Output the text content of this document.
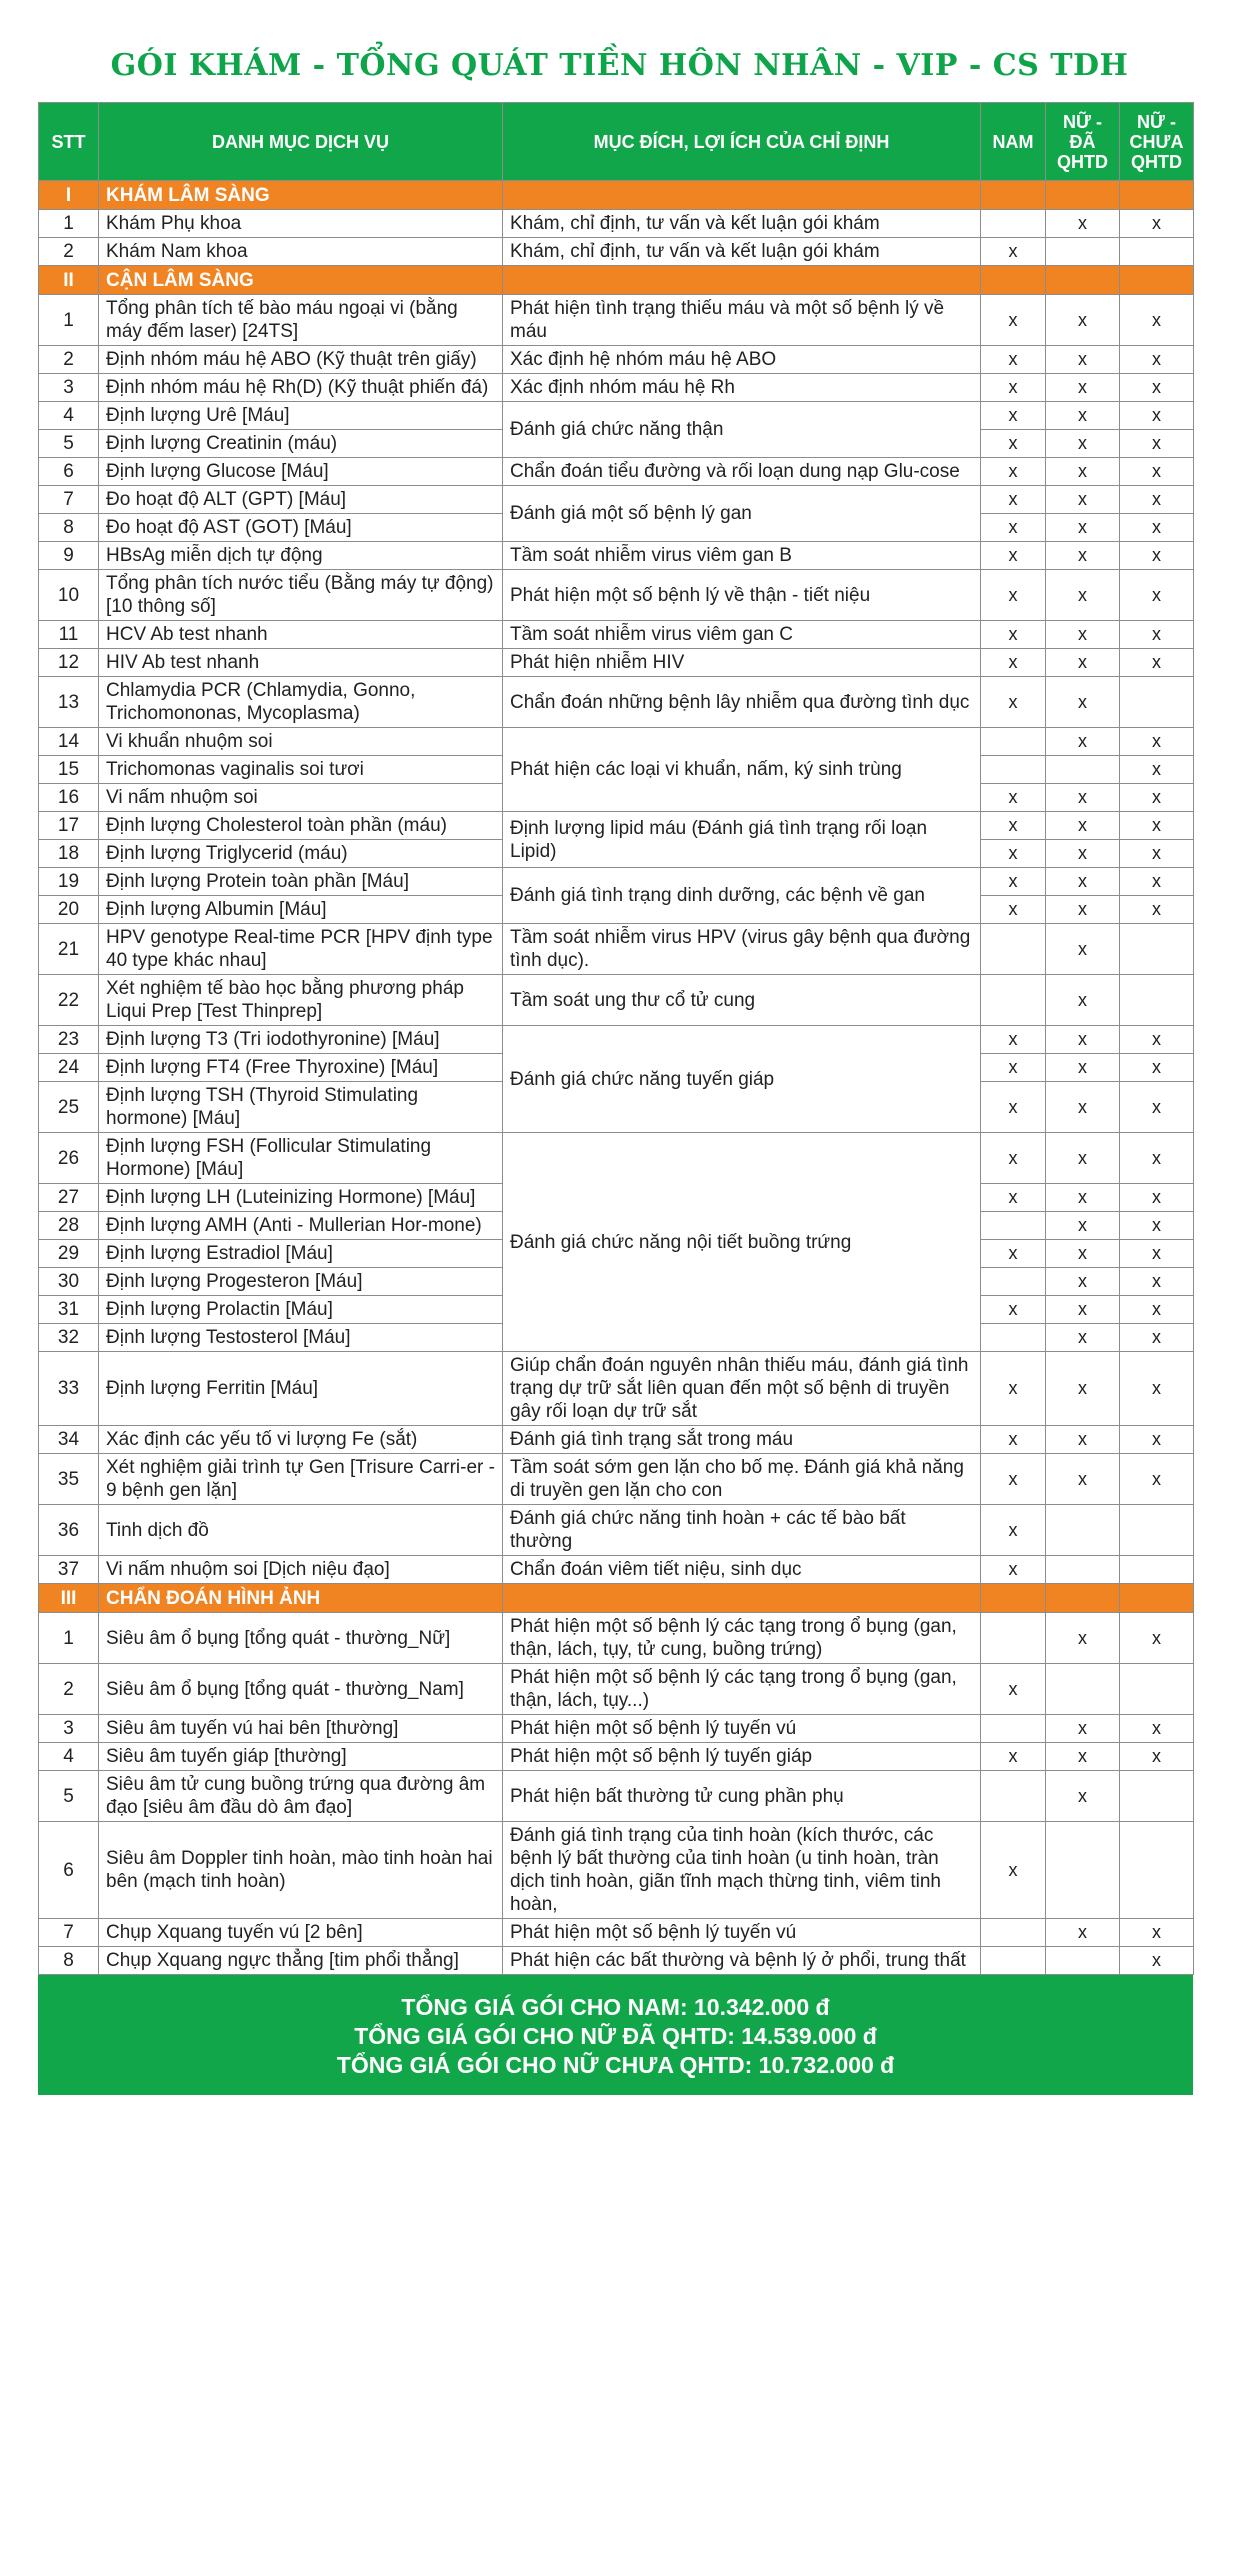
GÓI KHÁM - TỔNG QUÁT TIỀN HÔN NHÂN - VIP - CS TDH
STT	DANH MỤC DỊCH VỤ	MỤC ĐÍCH, LỢI ÍCH CỦA CHỈ ĐỊNH	NAM	NỮ - ĐÃ QHTD	NỮ - CHƯA QHTD
I	KHÁM LÂM SÀNG				
1	Khám Phụ khoa	Khám, chỉ định, tư vấn và kết luận gói khám		x	x
2	Khám Nam khoa	Khám, chỉ định, tư vấn và kết luận gói khám	x		
II	CẬN LÂM SÀNG				
1	Tổng phân tích tế bào máu ngoại vi (bằng máy đếm laser) [24TS]	Phát hiện tình trạng thiếu máu và một số bệnh lý về máu	x	x	x
2	Định nhóm máu hệ ABO (Kỹ thuật trên giấy)	Xác định hệ nhóm máu hệ ABO	x	x	x
3	Định nhóm máu hệ Rh(D) (Kỹ thuật phiến đá)	Xác định nhóm máu hệ Rh	x	x	x
4	Định lượng Urê [Máu]	Đánh giá chức năng thận	x	x	x
5	Định lượng Creatinin (máu)		x	x	x
6	Định lượng Glucose [Máu]	Chẩn đoán tiểu đường và rối loạn dung nạp Glu-cose	x	x	x
7	Đo hoạt độ ALT (GPT) [Máu]	Đánh giá một số bệnh lý gan	x	x	x
8	Đo hoạt độ AST (GOT) [Máu]		x	x	x
9	HBsAg miễn dịch tự động	Tầm soát nhiễm virus viêm gan B	x	x	x
10	Tổng phân tích nước tiểu (Bằng máy tự động) [10 thông số]	Phát hiện một số bệnh lý về thận - tiết niệu	x	x	x
11	HCV Ab test nhanh	Tầm soát nhiễm virus viêm gan C	x	x	x
12	HIV Ab test nhanh	Phát hiện nhiễm HIV	x	x	x
13	Chlamydia PCR (Chlamydia, Gonno, Trichomononas, Mycoplasma)	Chẩn đoán những bệnh lây nhiễm qua đường tình dục	x	x	
14	Vi khuẩn nhuộm soi	Phát hiện các loại vi khuẩn, nấm, ký sinh trùng		x	x
15	Trichomonas vaginalis soi tươi				x
16	Vi nấm nhuộm soi		x	x	x
17	Định lượng Cholesterol toàn phần (máu)	Định lượng lipid máu (Đánh giá tình trạng rối loạn Lipid)	x	x	x
18	Định lượng Triglycerid (máu)		x	x	x
19	Định lượng Protein toàn phần [Máu]	Đánh giá tình trạng dinh dưỡng, các bệnh về gan	x	x	x
20	Định lượng Albumin [Máu]		x	x	x
21	HPV genotype Real-time PCR [HPV định type 40 type khác nhau]	Tầm soát nhiễm virus HPV (virus gây bệnh qua đường tình dục).		x	
22	Xét nghiệm tế bào học bằng phương pháp Liqui Prep [Test Thinprep]	Tầm soát ung thư cổ tử cung		x	
23	Định lượng T3 (Tri iodothyronine) [Máu]	Đánh giá chức năng tuyến giáp	x	x	x
24	Định lượng FT4 (Free Thyroxine) [Máu]		x	x	x
25	Định lượng TSH (Thyroid Stimulating hormone) [Máu]		x	x	x
26	Định lượng FSH (Follicular Stimulating Hormone) [Máu]	Đánh giá chức năng nội tiết buồng trứng	x	x	x
27	Định lượng LH (Luteinizing Hormone) [Máu]		x	x	x
28	Định lượng AMH (Anti - Mullerian Hor-mone)			x	x
29	Định lượng Estradiol [Máu]		x	x	x
30	Định lượng Progesteron [Máu]			x	x
31	Định lượng Prolactin [Máu]		x	x	x
32	Định lượng Testosterol [Máu]			x	x
33	Định lượng Ferritin [Máu]	Giúp chẩn đoán nguyên nhân thiếu máu, đánh giá tình trạng dự trữ sắt liên quan đến một số bệnh di truyền gây rối loạn dự trữ sắt	x	x	x
34	Xác định các yếu tố vi lượng Fe (sắt)	Đánh giá tình trạng sắt trong máu	x	x	x
35	Xét nghiệm giải trình tự Gen [Trisure Carri-er - 9 bệnh gen lặn]	Tầm soát sớm gen lặn cho bố mẹ. Đánh giá khả năng di truyền gen lặn cho con	x	x	x
36	Tinh dịch đồ	Đánh giá chức năng tinh hoàn + các tế bào bất thường	x		
37	Vi nấm nhuộm soi [Dịch niệu đạo]	Chẩn đoán viêm tiết niệu, sinh dục	x		
III	CHẨN ĐOÁN HÌNH ẢNH				
1	Siêu âm ổ bụng [tổng quát - thường_Nữ]	Phát hiện một số bệnh lý các tạng trong ổ bụng (gan, thận, lách, tụy, tử cung, buồng trứng)		x	x
2	Siêu âm ổ bụng [tổng quát - thường_Nam]	Phát hiện một số bệnh lý các tạng trong ổ bụng (gan, thận, lách, tụy...)	x		
3	Siêu âm tuyến vú hai bên [thường]	Phát hiện một số bệnh lý tuyến vú		x	x
4	Siêu âm tuyến giáp [thường]	Phát hiện một số bệnh lý tuyến giáp	x	x	x
5	Siêu âm tử cung buồng trứng qua đường âm đạo [siêu âm đầu dò âm đạo]	Phát hiện bất thường tử cung phần phụ		x	
6	Siêu âm Doppler tinh hoàn, mào tinh hoàn hai bên (mạch tinh hoàn)	Đánh giá tình trạng của tinh hoàn (kích thước, các bệnh lý bất thường của tinh hoàn (u tinh hoàn, tràn dịch tinh hoàn, giãn tĩnh mạch thừng tinh, viêm tinh hoàn,	x		
7	Chụp Xquang tuyến vú [2 bên]	Phát hiện một số bệnh lý tuyến vú		x	x
8	Chụp Xquang ngực thẳng [tim phổi thẳng]	Phát hiện các bất thường và bệnh lý ở phổi, trung thất			x
TỔNG GIÁ GÓI CHO NAM: 10.342.000 đ
TỔNG GIÁ GÓI CHO NỮ ĐÃ QHTD: 14.539.000 đ
TỔNG GIÁ GÓI CHO NỮ CHƯA QHTD: 10.732.000 đ
